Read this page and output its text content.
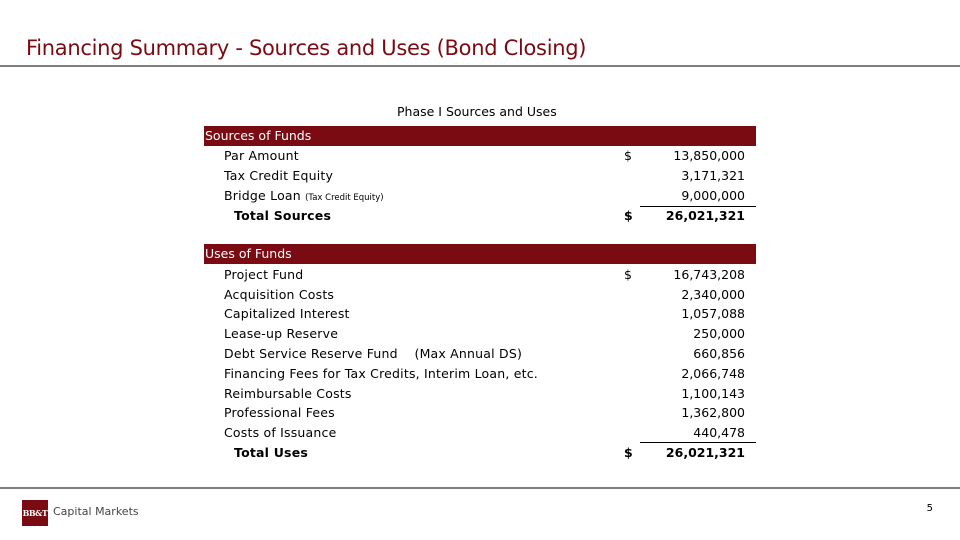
Financing Summary - Sources and Uses (Bond Closing)
Phase I Sources and Uses
Sources of Funds
Par Amount	$	13,850,000
Tax Credit Equity	3,171,321
Bridge Loan (Tax Credit Equity)	9,000,000
Total Sources	$	26,021,321
Uses of Funds
Project Fund	$	16,743,208
Acquisition Costs	2,340,000
Capitalized Interest	1,057,088
Lease-up Reserve	250,000
Debt Service Reserve Fund    (Max Annual DS)	660,856
Financing Fees for Tax Credits, Interim Loan, etc.	2,066,748
Reimbursable Costs	1,100,143
Professional Fees	1,362,800
Costs of Issuance	440,478
Total Uses	$	26,021,321
BB&T Capital Markets	5
